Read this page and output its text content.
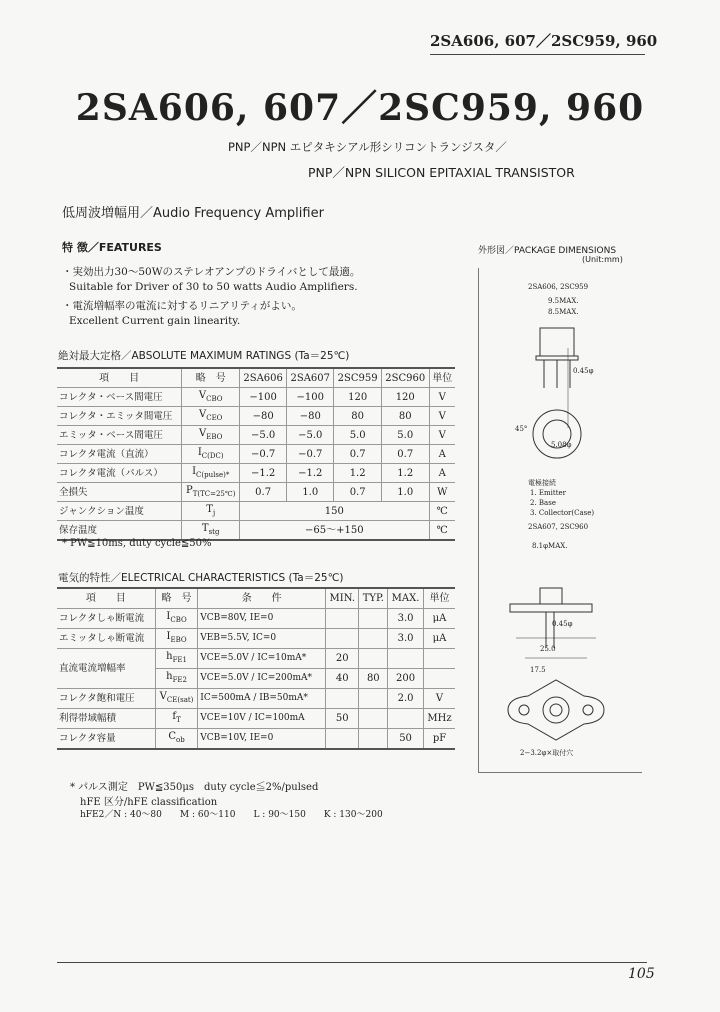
2SA606, 607／2SC959, 960
2SA606, 607／2SC959, 960
PNP／NPN エピタキシアル形シリコントランジスタ／
PNP／NPN SILICON EPITAXIAL TRANSISTOR
低周波増幅用／Audio Frequency Amplifier
特 徴／FEATURES
・実効出力30～50Wのステレオアンプのドライバとして最適。
Suitable for Driver of 30 to 50 watts Audio Amplifiers.
・電流増幅率の電流に対するリニアリティがよい。
Excellent Current gain linearity.
絶対最大定格／ABSOLUTE MAXIMUM RATINGS (Ta＝25℃)
項　　目	略　号	2SA606	2SA607	2SC959	2SC960	単位
コレクタ・ベース間電圧	$V_{CBO}$	−100	−100	120	120	V
コレクタ・エミッタ間電圧	$V_{CEO}$	−80	−80	80	80	V
エミッタ・ベース間電圧	$V_{EBO}$	−5.0	−5.0	5.0	5.0	V
コレクタ電流（直流）	$I_{C(DC)}$	−0.7	−0.7	0.7	0.7	A
コレクタ電流（パルス）	$I_{C(pulse)*}$	−1.2	−1.2	1.2	1.2	A
全損失	$P_{T(TC=25℃)}$	0.7	1.0	0.7	1.0	W
ジャンクション温度	$T_j$	150				℃
保存温度	$T_{stg}$	−65～+150				℃
* PW≦10ms, duty cycle≦50%
電気的特性／ELECTRICAL CHARACTERISTICS (Ta＝25℃)
項　　目	略　号	条　　件	MIN.	TYP.	MAX.	単位
コレクタしゃ断電流	$I_{CBO}$	VCB=80V, IE=0			3.0	μA
エミッタしゃ断電流	$I_{EBO}$	VEB=5.5V, IC=0			3.0	μA
直流電流増幅率	$h_{FE1}$	VCE=5.0V / IC=10mA*	20			
	$h_{FE2}$	VCE=5.0V / IC=200mA*	40	80	200	
コレクタ飽和電圧	$V_{CE(sat)}$	IC=500mA / IB=50mA*			2.0	V
利得帯域幅積	$f_T$	VCE=10V / IC=100mA	50			MHz
コレクタ容量	$C_{ob}$	VCB=10V, IE=0			50	pF
* パルス測定　PW≦350μs　duty cycle≦2%/pulsed
hFE 区分/hFE classification
hFE2／N : 40～80　　M : 60～110　　L : 90～150　　K : 130～200
外形図／PACKAGE DIMENSIONS
(Unit:mm)
2SA606, 2SC959
9.5MAX.
8.5MAX.
0.45φ
5.08φ
45°
電極接続
1. Emitter
2. Base
3. Collector(Case)
2SA607, 2SC960
8.1φMAX.
25.0
17.5
2−3.2φ×取付穴
0.45φ
105
